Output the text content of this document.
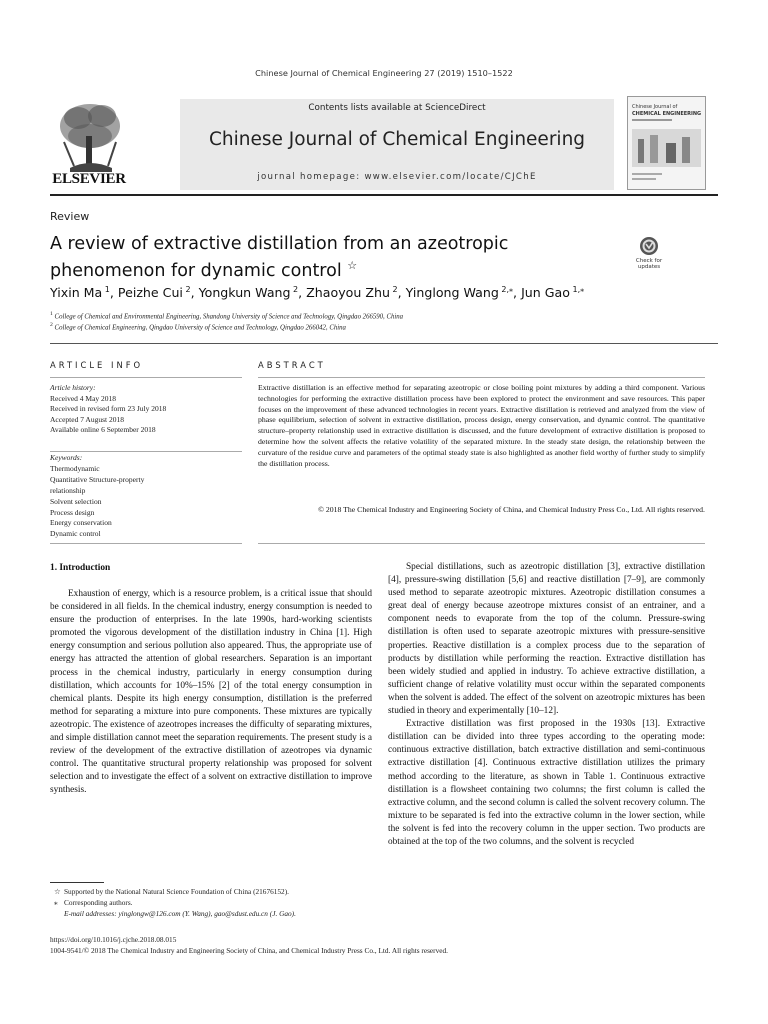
Chinese Journal of Chemical Engineering 27 (2019) 1510–1522
Contents lists available at ScienceDirect
Chinese Journal of Chemical Engineering
journal homepage: www.elsevier.com/locate/CJChE
ELSEVIER
Chinese Journal of
CHEMICAL ENGINEERING
Review
A review of extractive distillation from an azeotropic phenomenon for dynamic control ☆	Check for
updates
Yixin Ma $^1$, Peizhe Cui $^2$, Yongkun Wang $^2$, Zhaoyou Zhu $^2$, Yinglong Wang $^{2,⁎}$, Jun Gao $^{1,⁎}$
$^1$ College of Chemical and Environmental Engineering, Shandong University of Science and Technology, Qingdao 266590, China
$^2$ College of Chemical Engineering, Qingdao University of Science and Technology, Qingdao 266042, China
ARTICLE INFO	ABSTRACT
Article history:
Received 4 May 2018
Received in revised form 23 July 2018
Accepted 7 August 2018
Available online 6 September 2018
Keywords:
Thermodynamic
Quantitative Structure-property
relationship
Solvent selection
Process design
Energy conservation
Dynamic control
Extractive distillation is an effective method for separating azeotropic or close boiling point mixtures by adding a third component. Various technologies for performing the extractive distillation process have been explored to protect the environment and save resources. This paper focuses on the improvement of these advanced technologies in recent years. Extractive distillation is retrieved and analyzed from the view of phase equilibrium, selection of solvent in extractive distillation, process design, energy conservation, and dynamic control. The quantitative structure–property relationship used in extractive distillation is discussed, and the future development of extractive distillation is proposed to determine how the solvent affects the relative volatility of the separated mixture. In the steady state design, the relationship between the curvature of the residue curve and parameters of the optimal steady state is also highlighted as another field worthy of further study to simplify the distillation process.
© 2018 The Chemical Industry and Engineering Society of China, and Chemical Industry Press Co., Ltd. All rights reserved.
1. Introduction

Exhaustion of energy, which is a resource problem, is a critical issue that should be considered in all fields. In the chemical industry, energy consumption is needed to ensure the production of enterprises. In the late 1990s, hard-working scientists promoted the vigorous development of the distillation industry in China [1]. High energy consumption and serious pollution also appeared. Thus, the appropriate use of energy has attracted the attention of global researchers. Separation is an important process in the chemical industry, particularly in energy consumption during distillation, which accounts for 10%–15% [2] of the total energy consumption in chemical plants. Despite its high energy consumption, distillation is the preferred method for separating a mixture into pure components. These mixtures are typically azeotropic. The existence of azeotropes increases the difficulty of separating mixtures, and simple distillation cannot meet the separation requirements. The present study is a review of the development of the extractive distillation of azeotropes via dynamic control. The quantitative structural property relationship was proposed for solvent selection and to investigate the effect of a solvent on extractive distillation to improve synthesis.

Special distillations, such as azeotropic distillation [3], extractive distillation [4], pressure-swing distillation [5,6] and reactive distillation [7–9], are commonly used method to separate azeotropic mixtures. Azeotropic distillation consumes a great deal of energy because azeotrope mixtures consist of an entrainer, and a component needs to evaporate from the top of the column. Pressure-swing distillation is often used to separate azeotropic mixtures with pressure-sensitive properties. Reactive distillation is a complex process due to the separation of products by distillation while performing the reaction. Extractive distillation has been widely studied and applied in industry. To achieve extractive distillation, a sufficient change of relative volatility must occur within the separated components when the solvent is added. The effect of the solvent on azeotropic mixtures has been studied in theory and experimentally [10–12].

Extractive distillation was first proposed in the 1930s [13]. Extractive distillation can be divided into three types according to the operating mode: continuous extractive distillation, batch extractive distillation and semi-continuous extractive distillation [4]. Continuous extractive distillation utilizes the primary method according to the literature, as shown in Table 1. Continuous extractive distillation is a flowsheet containing two columns; the first column is called the extractive column, and the second column is called the solvent recovery column. The mixture to be separated is fed into the extractive column in the lower section, while the solvent is fed into the recovery column in the upper section. Two products are obtained at the top of the two columns, and the solvent is recycled

☆ Supported by the National Natural Science Foundation of China (21676152).
⁎ Corresponding authors.
E-mail addresses: yinglongw@126.com (Y. Wang), gao@sdust.edu.cn (J. Gao).
https://doi.org/10.1016/j.cjche.2018.08.015
1004-9541/© 2018 The Chemical Industry and Engineering Society of China, and Chemical Industry Press Co., Ltd. All rights reserved.
